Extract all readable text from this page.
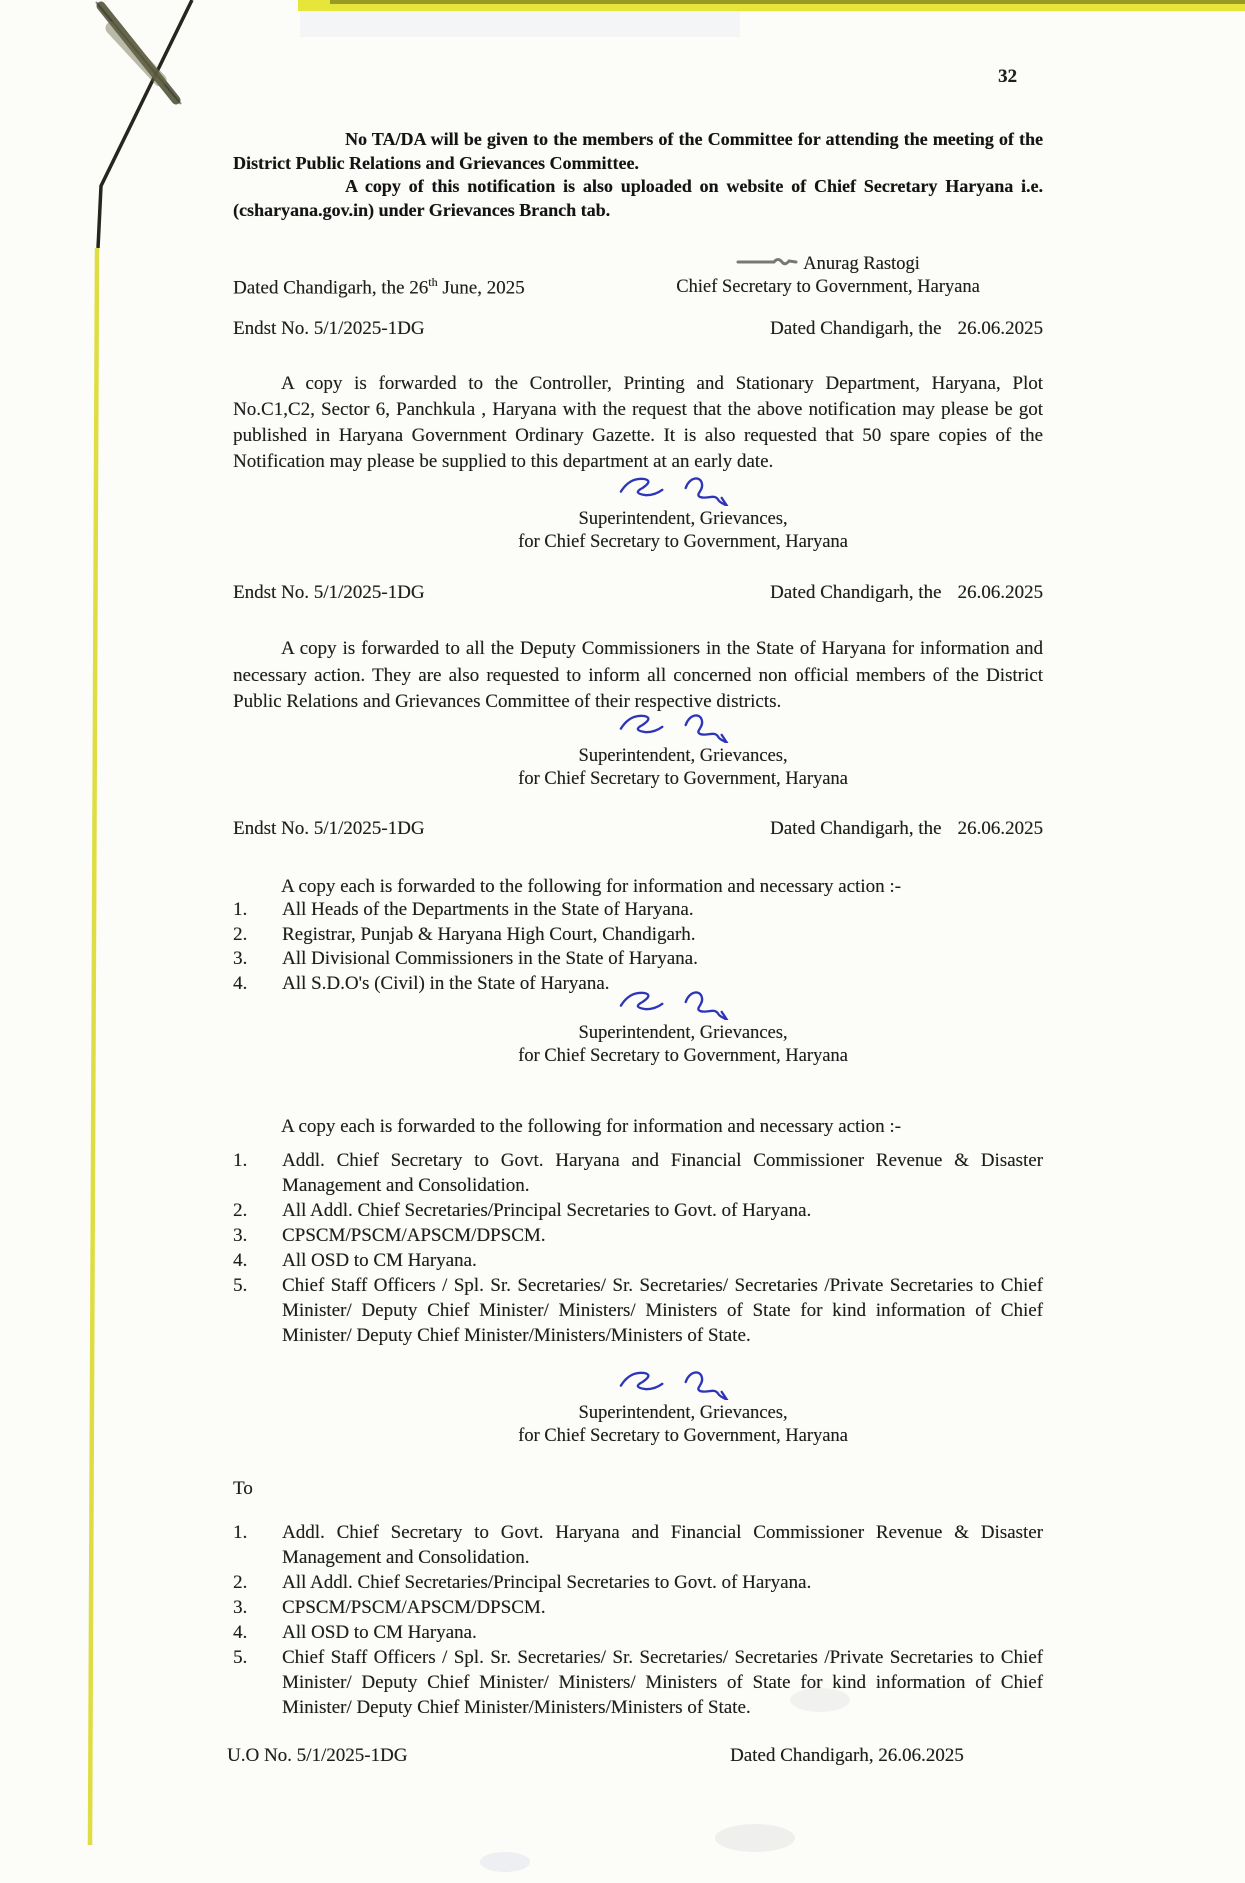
32

No TA/DA will be given to the members of the Committee for attending the meeting of the District Public Relations and Grievances Committee.

A copy of this notification is also uploaded on website of Chief Secretary Haryana i.e. (csharyana.gov.in) under Grievances Branch tab.

Dated Chandigarh, the 26th June, 2025
Anurag Rastogi
Chief Secretary to Government, Haryana
Endst No. 5/1/2025-1DG	Dated Chandigarh, the 26.06.2025

A copy is forwarded to the Controller, Printing and Stationary Department, Haryana, Plot No.C1,C2, Sector 6, Panchkula , Haryana with the request that the above notification may please be got published in Haryana Government Ordinary Gazette. It is also requested that 50 spare copies of the Notification may please be supplied to this department at an early date.

Superintendent, Grievances,
for Chief Secretary to Government, Haryana
Endst No. 5/1/2025-1DG	Dated Chandigarh, the 26.06.2025

A copy is forwarded to all the Deputy Commissioners in the State of Haryana for information and necessary action. They are also requested to inform all concerned non official members of the District Public Relations and Grievances Committee of their respective districts.

Superintendent, Grievances,
for Chief Secretary to Government, Haryana
Endst No. 5/1/2025-1DG	Dated Chandigarh, the 26.06.2025

A copy each is forwarded to the following for information and necessary action :-

1.	All Heads of the Departments in the State of Haryana.
2.	Registrar, Punjab & Haryana High Court, Chandigarh.
3.	All Divisional Commissioners in the State of Haryana.
4.	All S.D.O's (Civil) in the State of Haryana.
Superintendent, Grievances,
for Chief Secretary to Government, Haryana

A copy each is forwarded to the following for information and necessary action :-

1.	Addl. Chief Secretary to Govt. Haryana and Financial Commissioner Revenue & Disaster Management and Consolidation.
2.	All Addl. Chief Secretaries/Principal Secretaries to Govt. of Haryana.
3.	CPSCM/PSCM/APSCM/DPSCM.
4.	All OSD to CM Haryana.
5.	Chief Staff Officers / Spl. Sr. Secretaries/ Sr. Secretaries/ Secretaries /Private Secretaries to Chief Minister/ Deputy Chief Minister/ Ministers/ Ministers of State for kind information of Chief Minister/ Deputy Chief Minister/Ministers/Ministers of State.
Superintendent, Grievances,
for Chief Secretary to Government, Haryana
To
1.	Addl. Chief Secretary to Govt. Haryana and Financial Commissioner Revenue & Disaster Management and Consolidation.
2.	All Addl. Chief Secretaries/Principal Secretaries to Govt. of Haryana.
3.	CPSCM/PSCM/APSCM/DPSCM.
4.	All OSD to CM Haryana.
5.	Chief Staff Officers / Spl. Sr. Secretaries/ Sr. Secretaries/ Secretaries /Private Secretaries to Chief Minister/ Deputy Chief Minister/ Ministers/ Ministers of State for kind information of Chief Minister/ Deputy Chief Minister/Ministers/Ministers of State.
U.O No. 5/1/2025-1DG	Dated Chandigarh, 26.06.2025
